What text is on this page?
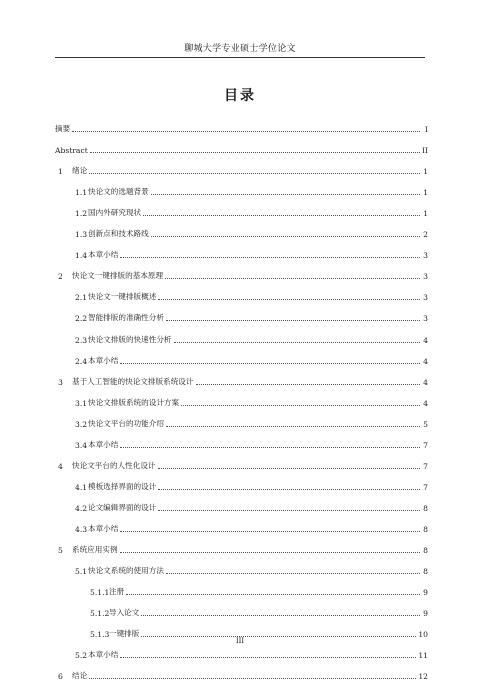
聊城大学专业硕士学位论文
目录
摘要	I
Abstract	II
1	绪论	1
1.1 快论文的选题背景	1
1.2 国内外研究现状	1
1.3 创新点和技术路线	2
1.4 本章小结	3
2	快论文一键排版的基本原理	3
2.1 快论文一键排版概述	3
2.2 智能排版的准确性分析	3
2.3 快论文排版的快速性分析	4
2.4 本章小结	4
3	基于人工智能的快论文排版系统设计	4
3.1 快论文排版系统的设计方案	4
3.2 快论文平台的功能介绍	5
3.4 本章小结	7
4	快论文平台的人性化设计	7
4.1 模板选择界面的设计	7
4.2 论文编辑界面的设计	8
4.3 本章小结	8
5	系统应用实例	8
5.1 快论文系统的使用方法	8
5.1.1 注册	9
5.1.2 导入论文	9
5.1.3 一键排版	10
5.2 本章小结	11
6	结论	12
III
